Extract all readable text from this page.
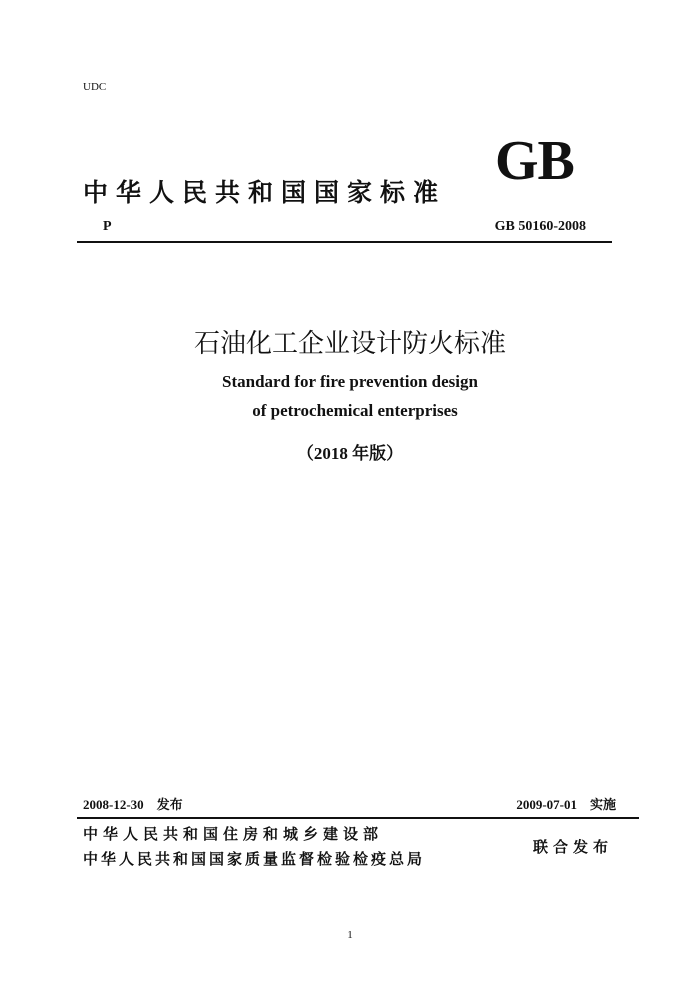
UDC
GB
中华人民共和国国家标准
P	GB 50160-2008
石油化工企业设计防火标准
Standard for fire prevention design
of petrochemical enterprises
（2018 年版）
2008-12-30　发布	2009-07-01　实施
中华人民共和国住房和城乡建设部
中华人民共和国国家质量监督检验检疫总局
联合发布
1
